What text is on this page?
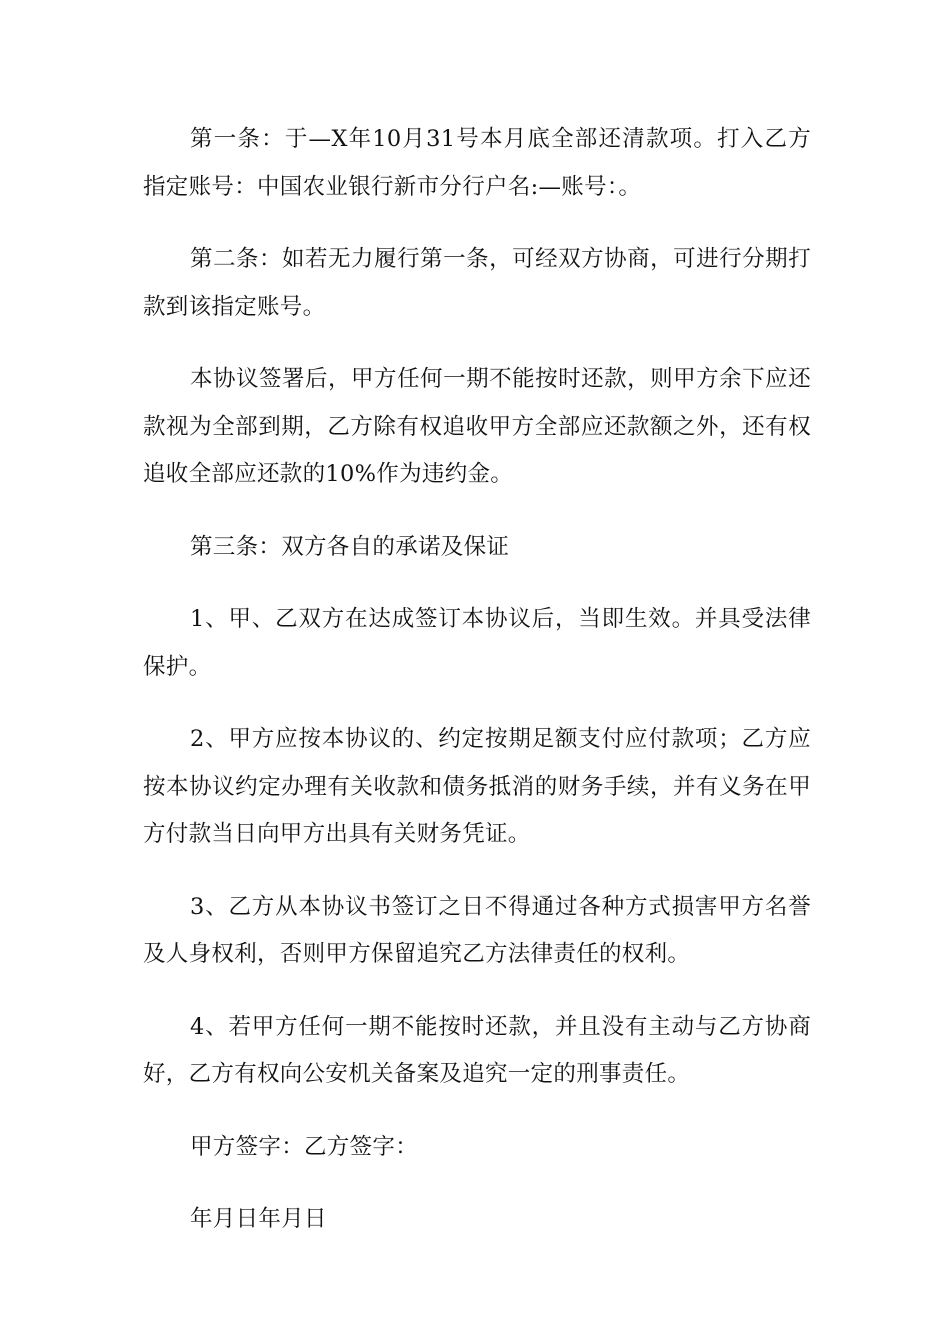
第一条：于—X年10月31号本月底全部还清款项。打入乙方指定账号：中国农业银行新市分行户名:—账号：。

第二条：如若无力履行第一条，可经双方协商，可进行分期打款到该指定账号。

本协议签署后，甲方任何一期不能按时还款，则甲方余下应还款视为全部到期，乙方除有权追收甲方全部应还款额之外，还有权追收全部应还款的10%作为违约金。

第三条：双方各自的承诺及保证

1、甲、乙双方在达成签订本协议后，当即生效。并具受法律保护。

2、甲方应按本协议的、约定按期足额支付应付款项；乙方应按本协议约定办理有关收款和债务抵消的财务手续，并有义务在甲方付款当日向甲方出具有关财务凭证。

3、乙方从本协议书签订之日不得通过各种方式损害甲方名誉及人身权利，否则甲方保留追究乙方法律责任的权利。

4、若甲方任何一期不能按时还款，并且没有主动与乙方协商好，乙方有权向公安机关备案及追究一定的刑事责任。

甲方签字：乙方签字：

年月日年月日
